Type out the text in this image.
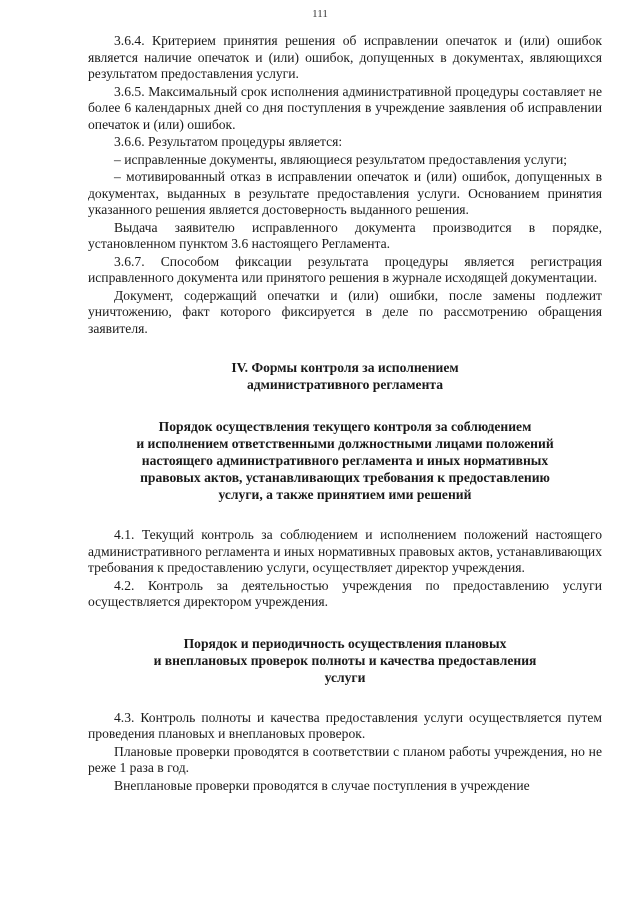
111

3.6.4. Критерием принятия решения об исправлении опечаток и (или) ошибок является наличие опечаток и (или) ошибок, допущенных в документах, являющихся результатом предоставления услуги.

3.6.5. Максимальный срок исполнения административной процедуры составляет не более 6 календарных дней со дня поступления в учреждение заявления об исправлении опечаток и (или) ошибок.

3.6.6. Результатом процедуры является:

– исправленные документы, являющиеся результатом предоставления услуги;

– мотивированный отказ в исправлении опечаток и (или) ошибок, допущенных в документах, выданных в результате предоставления услуги. Основанием принятия указанного решения является достоверность выданного решения.

Выдача заявителю исправленного документа производится в порядке, установленном пунктом 3.6 настоящего Регламента.

3.6.7. Способом фиксации результата процедуры является регистрация исправленного документа или принятого решения в журнале исходящей документации.

Документ, содержащий опечатки и (или) ошибки, после замены подлежит уничтожению, факт которого фиксируется в деле по рассмотрению обращения заявителя.

IV. Формы контроля за исполнением
административного регламента
Порядок осуществления текущего контроля за соблюдением
и исполнением ответственными должностными лицами положений
настоящего административного регламента и иных нормативных
правовых актов, устанавливающих требования к предоставлению
услуги, а также принятием ими решений

4.1. Текущий контроль за соблюдением и исполнением положений настоящего административного регламента и иных нормативных правовых актов, устанавливающих требования к предоставлению услуги, осуществляет директор учреждения.

4.2. Контроль за деятельностью учреждения по предоставлению услуги осуществляется директором учреждения.

Порядок и периодичность осуществления плановых
и внеплановых проверок полноты и качества предоставления
услуги

4.3. Контроль полноты и качества предоставления услуги осуществляется путем проведения плановых и внеплановых проверок.

Плановые проверки проводятся в соответствии с планом работы учреждения, но не реже 1 раза в год.

Внеплановые проверки проводятся в случае поступления в учреждение
